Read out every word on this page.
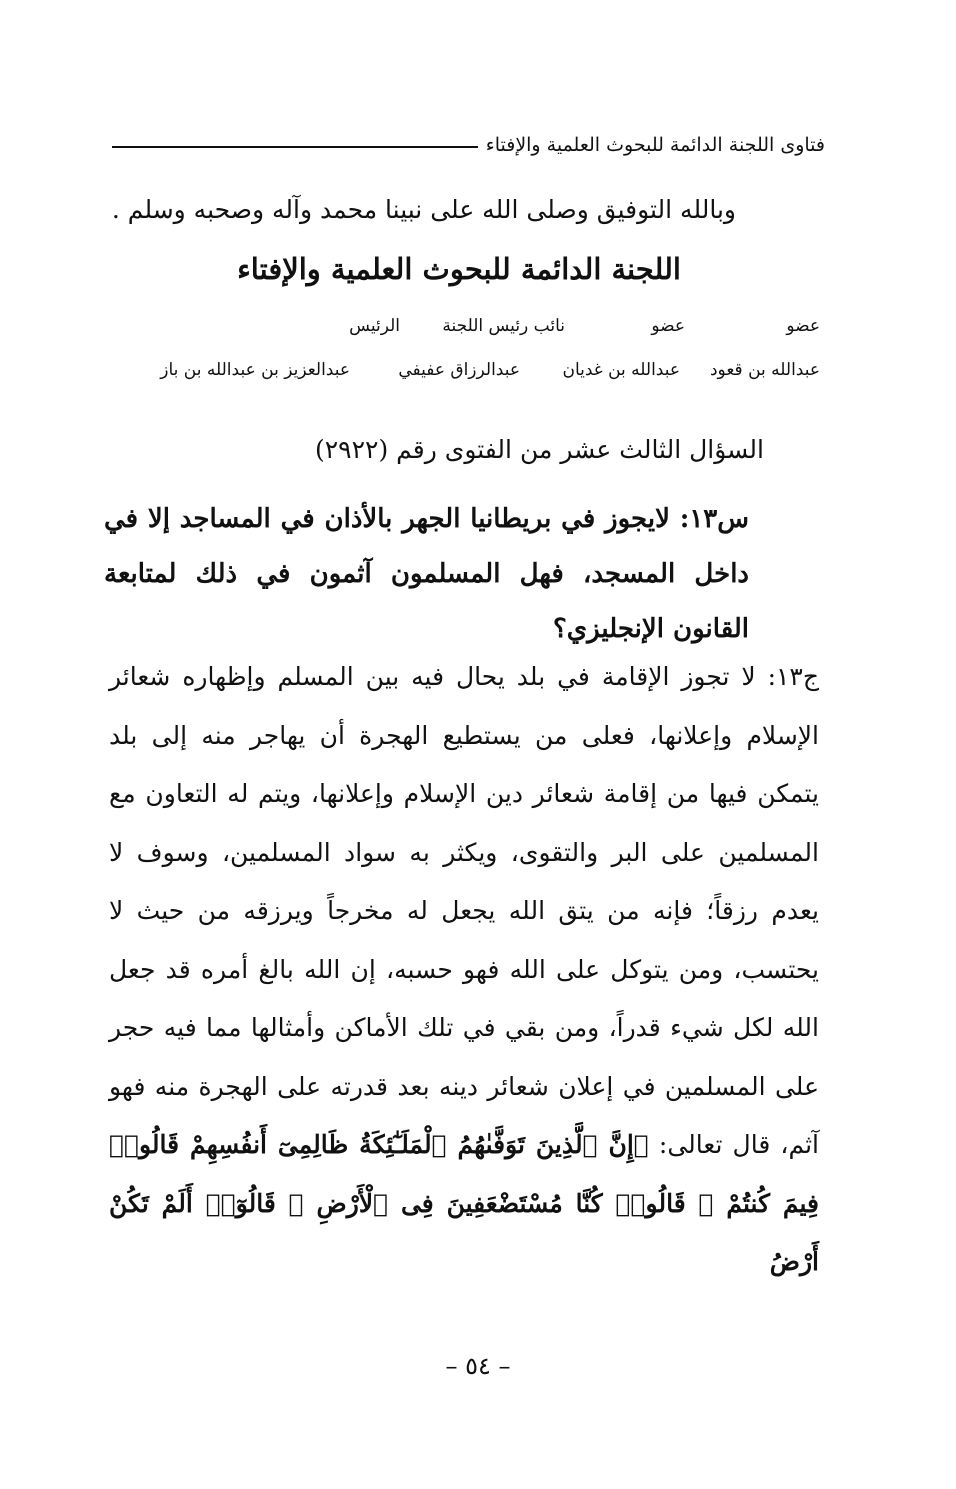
فتاوى اللجنة الدائمة للبحوث العلمية والإفتاء
وبالله التوفيق وصلى الله على نبينا محمد وآله وصحبه وسلم .
اللجنة الدائمة للبحوث العلمية والإفتاء
عضو
عضو
نائب رئيس اللجنة
الرئيس
عبدالله بن قعود
عبدالله بن غديان
عبدالرزاق عفيفي
عبدالعزيز بن عبدالله بن باز
السؤال الثالث عشر من الفتوى رقم (٢٩٢٢)
س١٣: لايجوز في بريطانيا الجهر بالأذان في المساجد إلا في داخل المسجد، فهل المسلمون آثمون في ذلك لمتابعة القانون الإنجليزي؟
ج١٣: لا تجوز الإقامة في بلد يحال فيه بين المسلم وإظهاره شعائر الإسلام وإعلانها، فعلى من يستطيع الهجرة أن يهاجر منه إلى بلد يتمكن فيها من إقامة شعائر دين الإسلام وإعلانها، ويتم له التعاون مع المسلمين على البر والتقوى، ويكثر به سواد المسلمين، وسوف لا يعدم رزقاً؛ فإنه من يتق الله يجعل له مخرجاً ويرزقه من حيث لا يحتسب، ومن يتوكل على الله فهو حسبه، إن الله بالغ أمره قد جعل الله لكل شيء قدراً، ومن بقي في تلك الأماكن وأمثالها مما فيه حجر على المسلمين في إعلان شعائر دينه بعد قدرته على الهجرة منه فهو آثم، قال تعالى: ﴿إِنَّ ٱلَّذِينَ تَوَفَّىٰهُمُ ٱلْمَلَـٰٓئِكَةُ ظَالِمِىٓ أَنفُسِهِمْ قَالُوا۟ فِيمَ كُنتُمْ ۖ قَالُوا۟ كُنَّا مُسْتَضْعَفِينَ فِى ٱلْأَرْضِ ۚ قَالُوٓا۟ أَلَمْ تَكُنْ أَرْضُ
– ٥٤ –
